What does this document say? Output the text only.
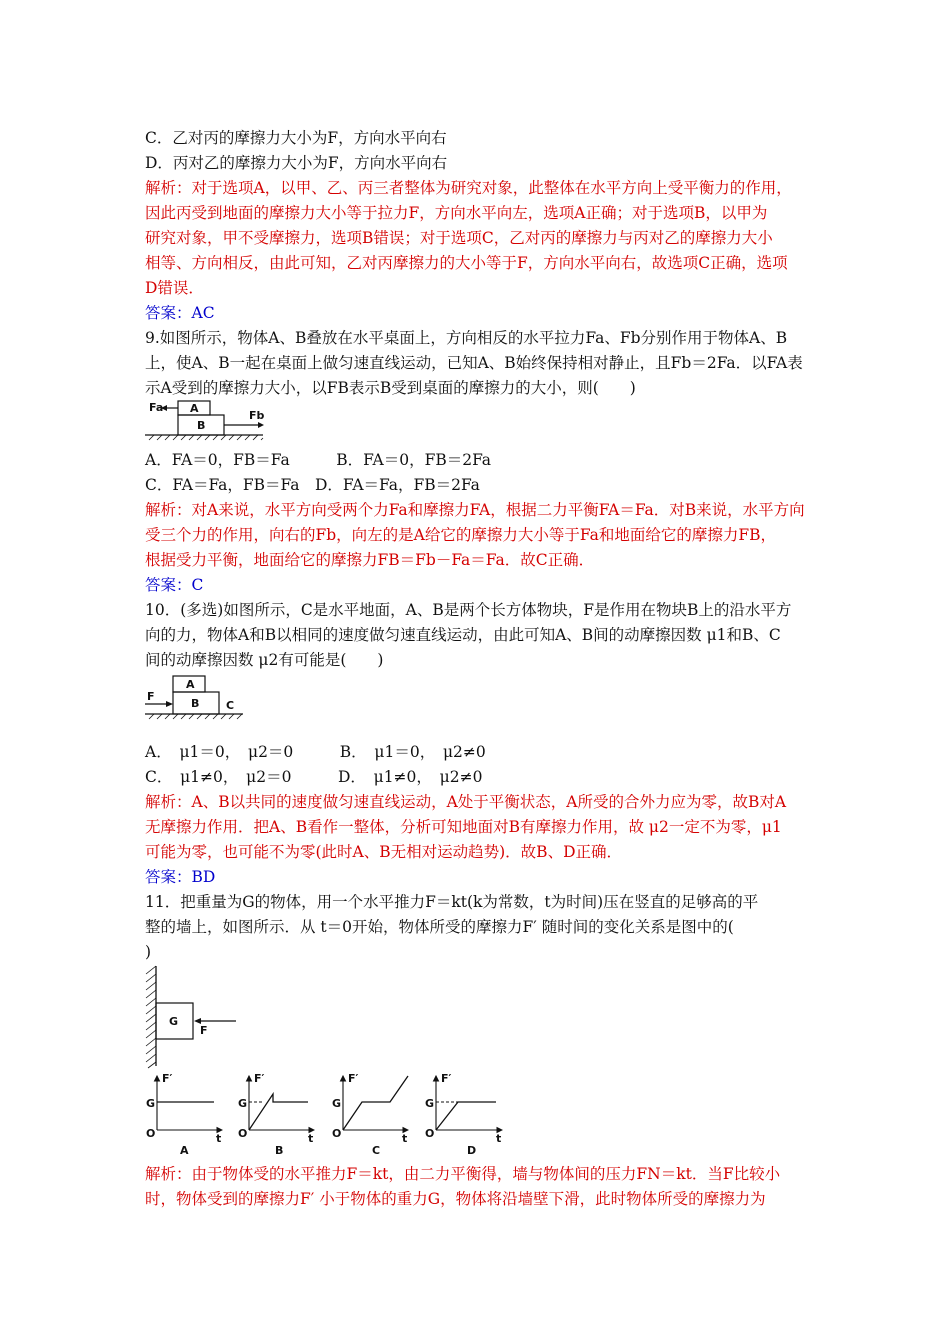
C．乙对丙的摩擦力大小为F，方向水平向右
D．丙对乙的摩擦力大小为F，方向水平向右
解析：对于选项A，以甲、乙、丙三者整体为研究对象，此整体在水平方向上受平衡力的作用，
因此丙受到地面的摩擦力大小等于拉力F，方向水平向左，选项A正确；对于选项B，以甲为
研究对象，甲不受摩擦力，选项B错误；对于选项C，乙对丙的摩擦力与丙对乙的摩擦力大小
相等、方向相反，由此可知，乙对丙摩擦力的大小等于F，方向水平向右，故选项C正确，选项
D错误．
答案：AC
9.如图所示，物体A、B叠放在水平桌面上，方向相反的水平拉力Fa、Fb分别作用于物体A、B
上，使A、B一起在桌面上做匀速直线运动，已知A、B始终保持相对静止，且Fb＝2Fa．以FA表
示A受到的摩擦力大小，以FB表示B受到桌面的摩擦力的大小，则(　　)
A．FA＝0，FB＝Fa　　　B．FA＝0，FB＝2Fa
C．FA＝Fa，FB＝Fa　D．FA＝Fa，FB＝2Fa
解析：对A来说，水平方向受两个力Fa和摩擦力FA，根据二力平衡FA＝Fa．对B来说，水平方向
受三个力的作用，向右的Fb，向左的是A给它的摩擦力大小等于Fa和地面给它的摩擦力FB，
根据受力平衡，地面给它的摩擦力FB＝Fb－Fa＝Fa．故C正确．
答案：C
10．(多选)如图所示，C是水平地面，A、B是两个长方体物块，F是作用在物块B上的沿水平方
向的力，物体A和B以相同的速度做匀速直线运动，由此可知A、B间的动摩擦因数 μ1和B、C
间的动摩擦因数 μ2有可能是(　　)
A．　μ1＝0，　μ2＝0　　　B．　μ1＝0，　μ2≠0
C．　μ1≠0，　μ2＝0　　　D．　μ1≠0，　μ2≠0
解析：A、B以共同的速度做匀速直线运动，A处于平衡状态，A所受的合外力应为零，故B对A
无摩擦力作用．把A、B看作一整体，分析可知地面对B有摩擦力作用，故 μ2一定不为零，μ1
可能为零，也可能不为零(此时A、B无相对运动趋势)．故B、D正确．
答案：BD
11．把重量为G的物体，用一个水平推力F＝kt(k为常数，t为时间)压在竖直的足够高的平
整的墙上，如图所示．从 t＝0开始，物体所受的摩擦力F′ 随时间的变化关系是图中的(
)
解析：由于物体受的水平推力F＝kt，由二力平衡得，墙与物体间的压力FN＝kt．当F比较小
时，物体受到的摩擦力F′ 小于物体的重力G，物体将沿墙壁下滑，此时物体所受的摩擦力为
A
B
Fa
Fb
A
B C
F
G
F
F′
G
O	t
A
F′
G
O	t
B
F′
G
O	t
C
F′
G
O	t
D
